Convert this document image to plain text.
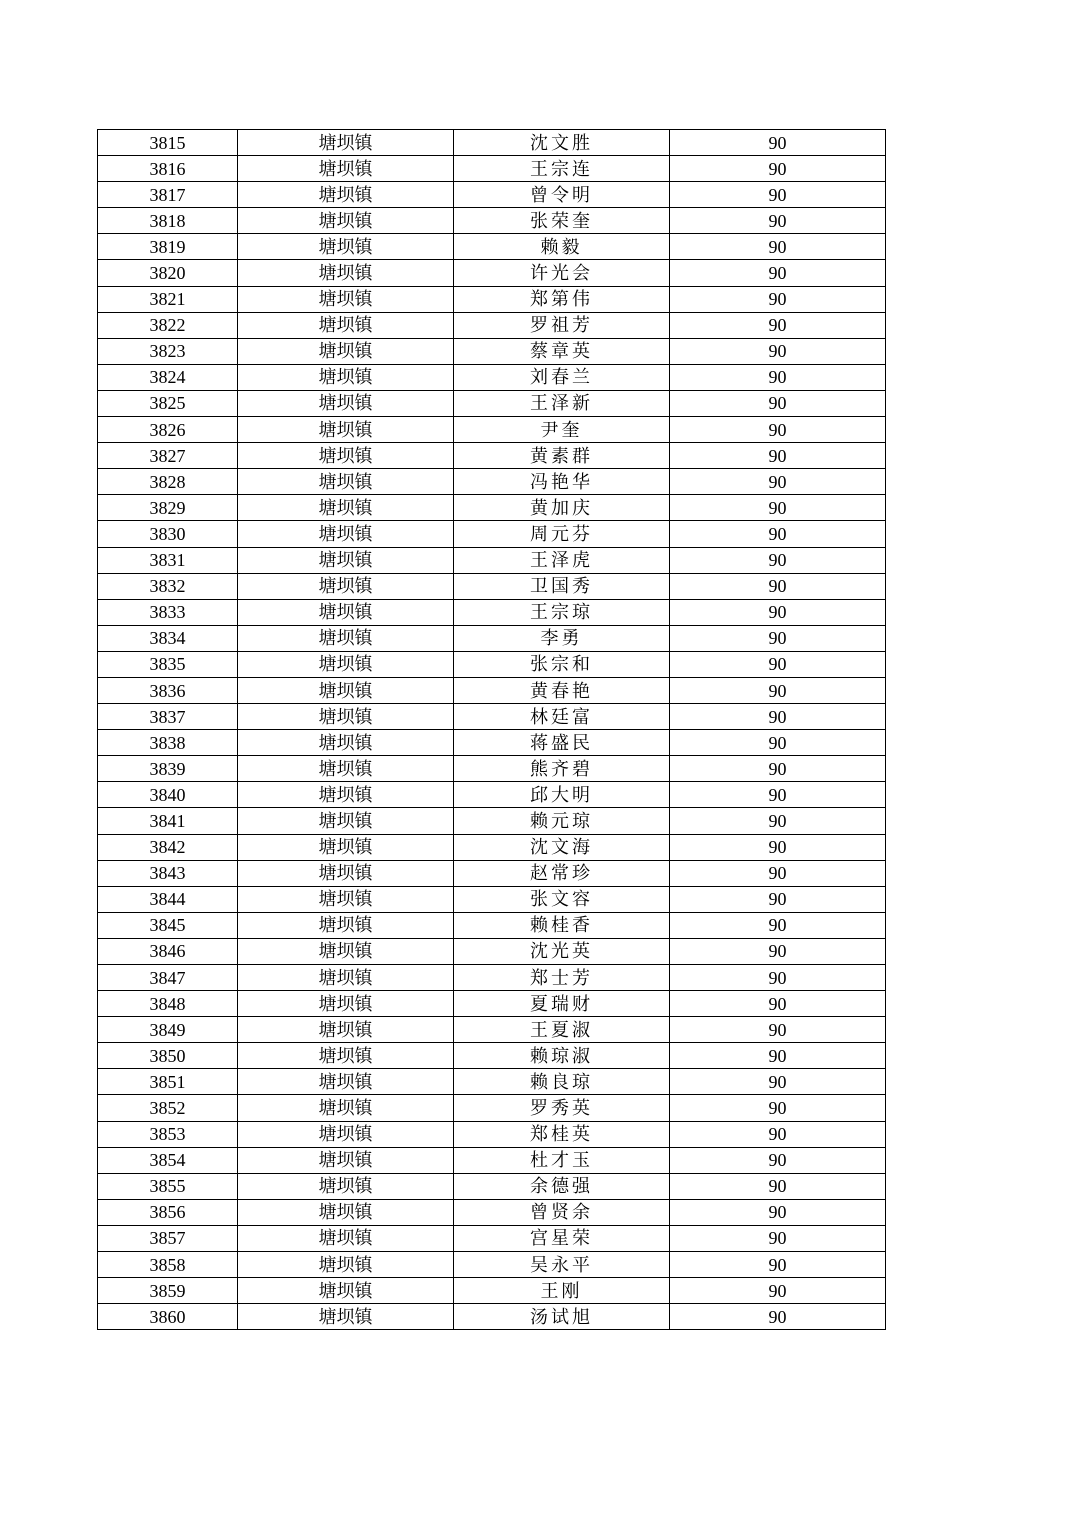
3815	塘坝镇	沈文胜	90
3816	塘坝镇	王宗连	90
3817	塘坝镇	曾令明	90
3818	塘坝镇	张荣奎	90
3819	塘坝镇	赖毅	90
3820	塘坝镇	许光会	90
3821	塘坝镇	郑第伟	90
3822	塘坝镇	罗祖芳	90
3823	塘坝镇	蔡章英	90
3824	塘坝镇	刘春兰	90
3825	塘坝镇	王泽新	90
3826	塘坝镇	尹奎	90
3827	塘坝镇	黄素群	90
3828	塘坝镇	冯艳华	90
3829	塘坝镇	黄加庆	90
3830	塘坝镇	周元芬	90
3831	塘坝镇	王泽虎	90
3832	塘坝镇	卫国秀	90
3833	塘坝镇	王宗琼	90
3834	塘坝镇	李勇	90
3835	塘坝镇	张宗和	90
3836	塘坝镇	黄春艳	90
3837	塘坝镇	林廷富	90
3838	塘坝镇	蒋盛民	90
3839	塘坝镇	熊齐碧	90
3840	塘坝镇	邱大明	90
3841	塘坝镇	赖元琼	90
3842	塘坝镇	沈文海	90
3843	塘坝镇	赵常珍	90
3844	塘坝镇	张文容	90
3845	塘坝镇	赖桂香	90
3846	塘坝镇	沈光英	90
3847	塘坝镇	郑士芳	90
3848	塘坝镇	夏瑞财	90
3849	塘坝镇	王夏淑	90
3850	塘坝镇	赖琼淑	90
3851	塘坝镇	赖良琼	90
3852	塘坝镇	罗秀英	90
3853	塘坝镇	郑桂英	90
3854	塘坝镇	杜才玉	90
3855	塘坝镇	余德强	90
3856	塘坝镇	曾贤余	90
3857	塘坝镇	宫星荣	90
3858	塘坝镇	吴永平	90
3859	塘坝镇	王刚	90
3860	塘坝镇	汤试旭	90
